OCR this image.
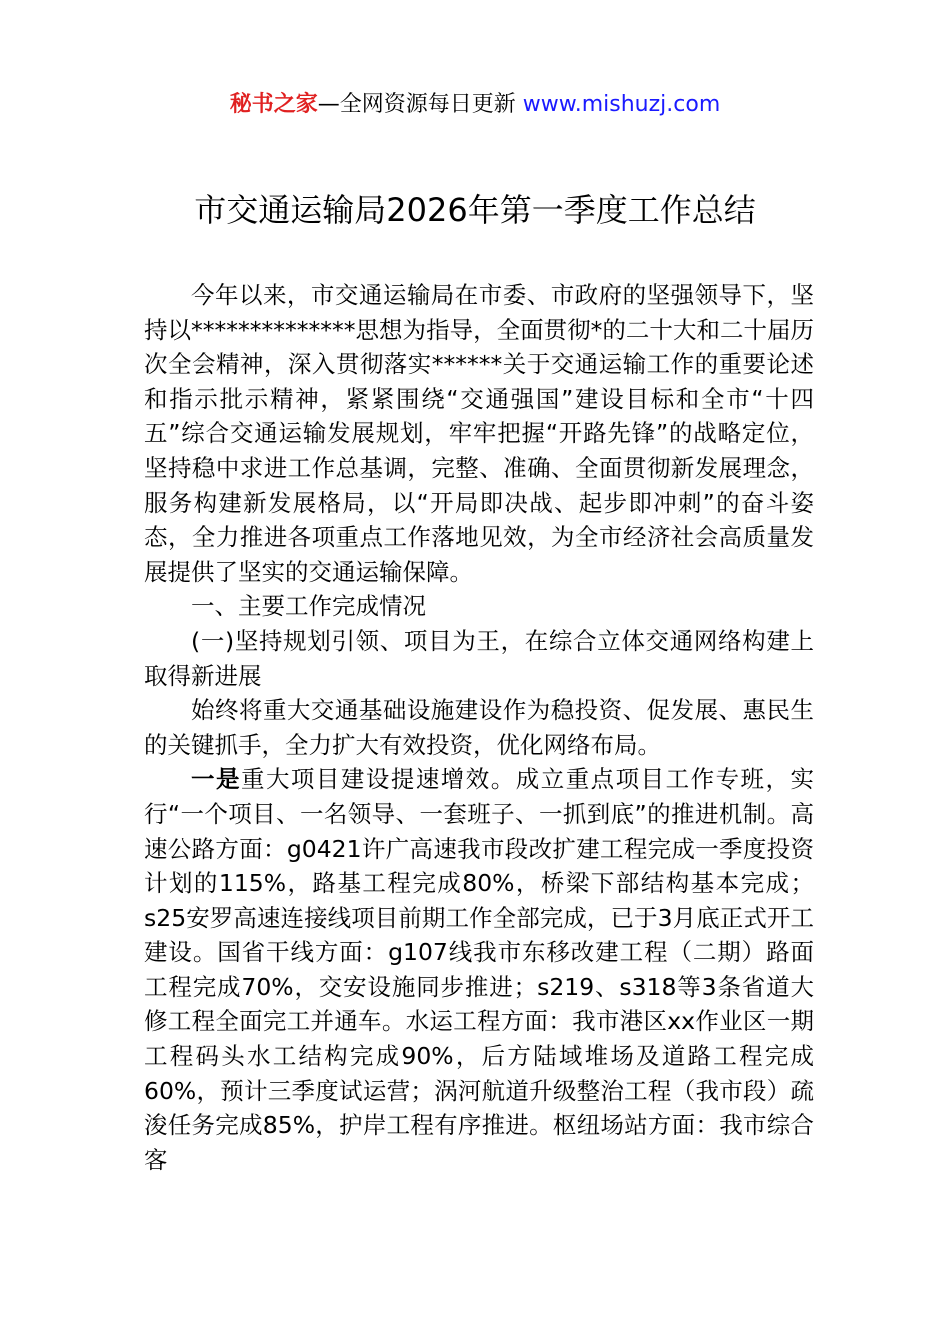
秘书之家—全网资源每日更新 www.mishuzj.com
市交通运输局2026年第一季度工作总结

今年以来，市交通运输局在市委、市政府的坚强领导下，坚持以**************思想为指导，全面贯彻*的二十大和二十届历次全会精神，深入贯彻落实******关于交通运输工作的重要论述和指示批示精神，紧紧围绕“交通强国”建设目标和全市“十四五”综合交通运输发展规划，牢牢把握“开路先锋”的战略定位，坚持稳中求进工作总基调，完整、准确、全面贯彻新发展理念，服务构建新发展格局，以“开局即决战、起步即冲刺”的奋斗姿态，全力推进各项重点工作落地见效，为全市经济社会高质量发展提供了坚实的交通运输保障。

一、主要工作完成情况

(一)坚持规划引领、项目为王，在综合立体交通网络构建上取得新进展

始终将重大交通基础设施建设作为稳投资、促发展、惠民生的关键抓手，全力扩大有效投资，优化网络布局。

一是重大项目建设提速增效。成立重点项目工作专班，实行“一个项目、一名领导、一套班子、一抓到底”的推进机制。高速公路方面：g0421许广高速我市段改扩建工程完成一季度投资计划的115%，路基工程完成80%，桥梁下部结构基本完成；s25安罗高速连接线项目前期工作全部完成，已于3月底正式开工建设。国省干线方面：g107线我市东移改建工程（二期）路面工程完成70%，交安设施同步推进；s219、s318等3条省道大修工程全面完工并通车。水运工程方面：我市港区xx作业区一期工程码头水工结构完成90%，后方陆域堆场及道路工程完成60%，预计三季度试运营；涡河航道升级整治工程（我市段）疏浚任务完成85%，护岸工程有序推进。枢纽场站方面：我市综合客
